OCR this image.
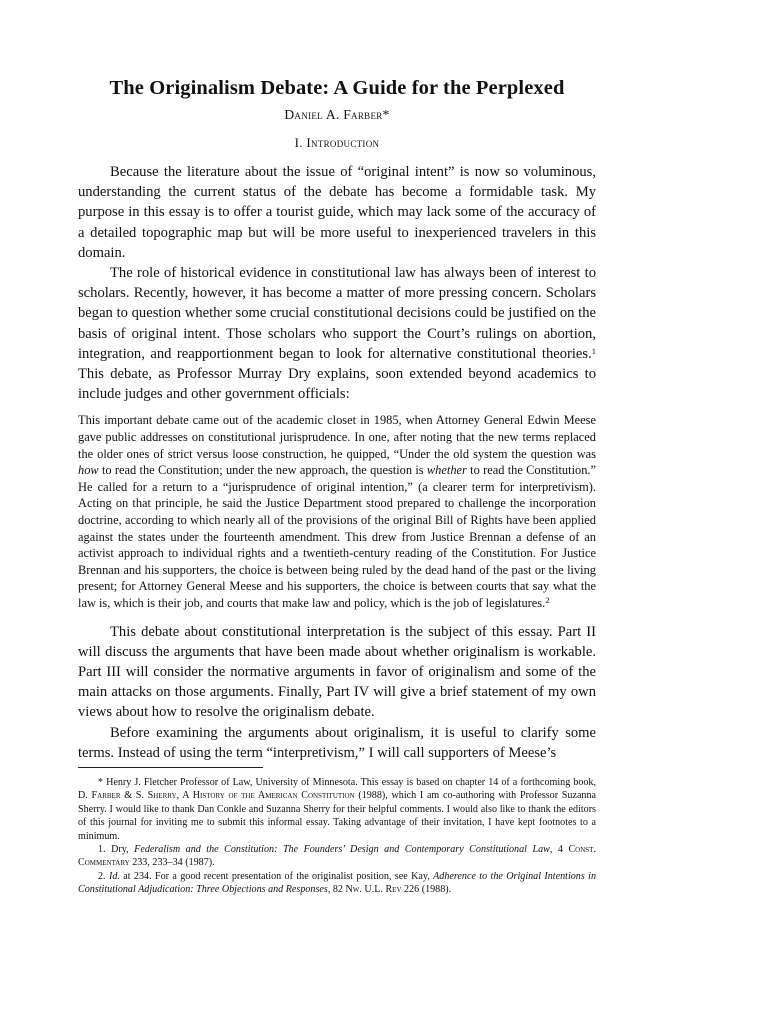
The Originalism Debate: A Guide for the Perplexed
Daniel A. Farber*
I. Introduction

Because the literature about the issue of “original intent” is now so voluminous, understanding the current status of the debate has become a formidable task. My purpose in this essay is to offer a tourist guide, which may lack some of the accuracy of a detailed topographic map but will be more useful to inexperienced travelers in this domain.

The role of historical evidence in constitutional law has always been of interest to scholars. Recently, however, it has become a matter of more pressing concern. Scholars began to question whether some crucial constitutional decisions could be justified on the basis of original intent. Those scholars who support the Court’s rulings on abortion, integration, and reapportionment began to look for alternative constitutional theories.$^1$ This debate, as Professor Murray Dry explains, soon extended beyond academics to include judges and other government officials:

This important debate came out of the academic closet in 1985, when Attorney General Edwin Meese gave public addresses on constitutional jurisprudence. In one, after noting that the new terms replaced the older ones of strict versus loose construction, he quipped, “Under the old system the question was how to read the Constitution; under the new approach, the question is whether to read the Constitution.” He called for a return to a “jurisprudence of original intention,” (a clearer term for interpretivism). Acting on that principle, he said the Justice Department stood prepared to challenge the incorporation doctrine, according to which nearly all of the provisions of the original Bill of Rights have been applied against the states under the fourteenth amendment. This drew from Justice Brennan a defense of an activist approach to individual rights and a twentieth-century reading of the Constitution. For Justice Brennan and his supporters, the choice is between being ruled by the dead hand of the past or the living present; for Attorney General Meese and his supporters, the choice is between courts that say what the law is, which is their job, and courts that make law and policy, which is the job of legislatures.$^2$

This debate about constitutional interpretation is the subject of this essay. Part II will discuss the arguments that have been made about whether originalism is workable. Part III will consider the normative arguments in favor of originalism and some of the main attacks on those arguments. Finally, Part IV will give a brief statement of my own views about how to resolve the originalism debate.

Before examining the arguments about originalism, it is useful to clarify some terms. Instead of using the term “interpretivism,” I will call supporters of Meese’s

* Henry J. Fletcher Professor of Law, University of Minnesota. This essay is based on chapter 14 of a forthcoming book, D. Farber & S. Sherry, A History of the American Constitution (1988), which I am co-authoring with Professor Suzanna Sherry. I would like to thank Dan Conkle and Suzanna Sherry for their helpful comments. I would also like to thank the editors of this journal for inviting me to submit this informal essay. Taking advantage of their invitation, I have kept footnotes to a minimum.

1. Dry, Federalism and the Constitution: The Founders’ Design and Contemporary Constitutional Law, 4 Const. Commentary 233, 233–34 (1987).

2. Id. at 234. For a good recent presentation of the originalist position, see Kay, Adherence to the Original Intentions in Constitutional Adjudication: Three Objections and Responses, 82 Nw. U.L. Rev 226 (1988).
